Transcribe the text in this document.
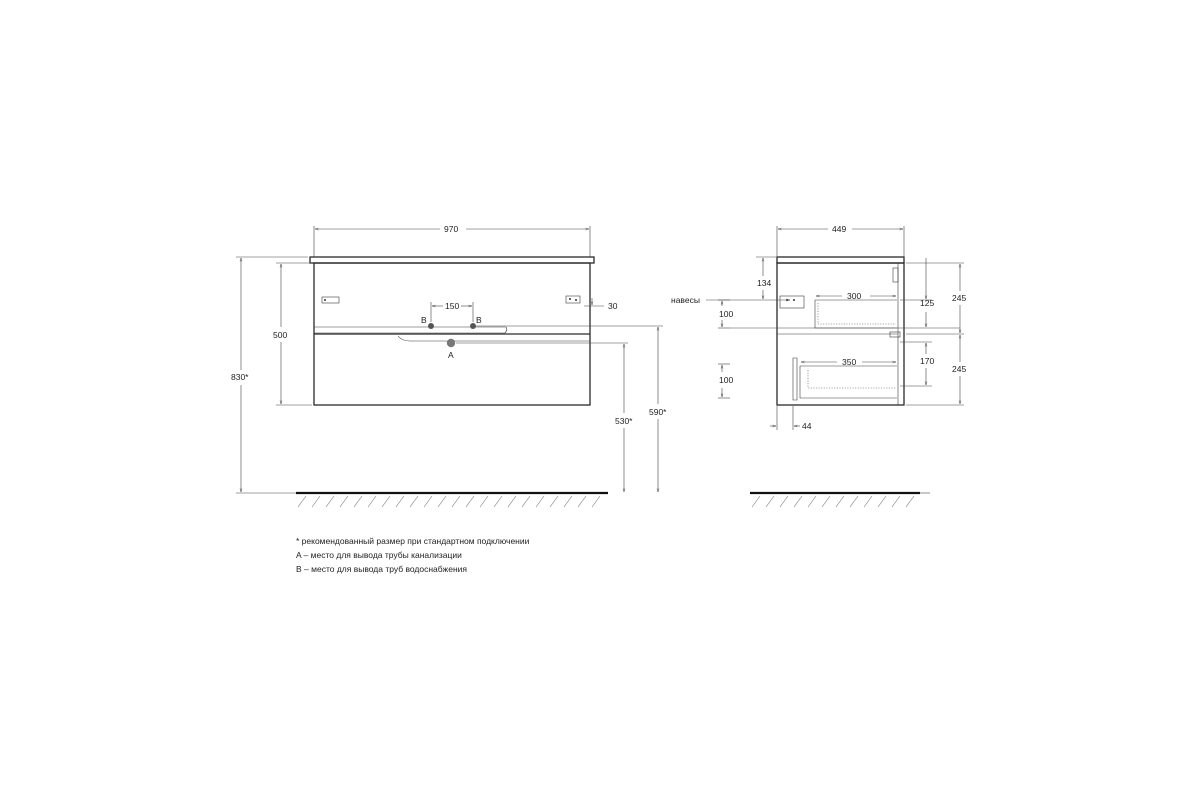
B	B
A
970
150	30
500
830*
530*
590*
449
134
навесы
100
100
300
350
125
170
245
245
44
* рекомендованный размер при стандартном подключении
A – место для вывода трубы канализации
B – место для вывода труб водоснабжения
